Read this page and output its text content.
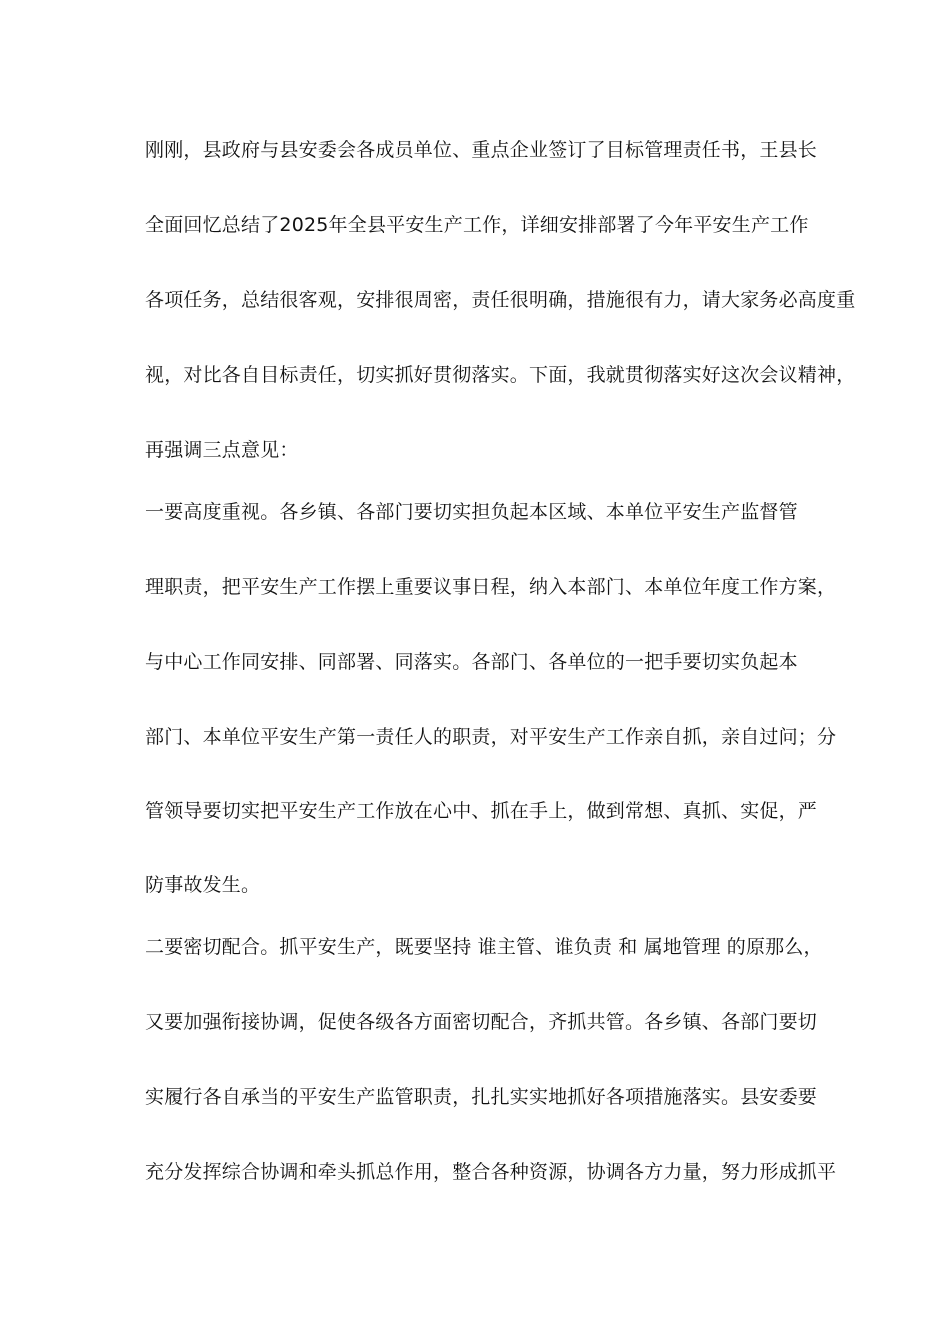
刚刚，县政府与县安委会各成员单位、重点企业签订了目标管理责任书，王县长
全面回忆总结了2025年全县平安生产工作，详细安排部署了今年平安生产工作
各项任务，总结很客观，安排很周密，责任很明确，措施很有力，请大家务必高度重
视，对比各自目标责任，切实抓好贯彻落实。下面，我就贯彻落实好这次会议精神，
再强调三点意见：
一要高度重视。各乡镇、各部门要切实担负起本区域、本单位平安生产监督管
理职责，把平安生产工作摆上重要议事日程，纳入本部门、本单位年度工作方案，
与中心工作同安排、同部署、同落实。各部门、各单位的一把手要切实负起本
部门、本单位平安生产第一责任人的职责，对平安生产工作亲自抓，亲自过问；分
管领导要切实把平安生产工作放在心中、抓在手上，做到常想、真抓、实促，严
防事故发生。
二要密切配合。抓平安生产，既要坚持 谁主管、谁负责 和 属地管理 的原那么，
又要加强衔接协调，促使各级各方面密切配合，齐抓共管。各乡镇、各部门要切
实履行各自承当的平安生产监管职责，扎扎实实地抓好各项措施落实。县安委要
充分发挥综合协调和牵头抓总作用，整合各种资源，协调各方力量，努力形成抓平
